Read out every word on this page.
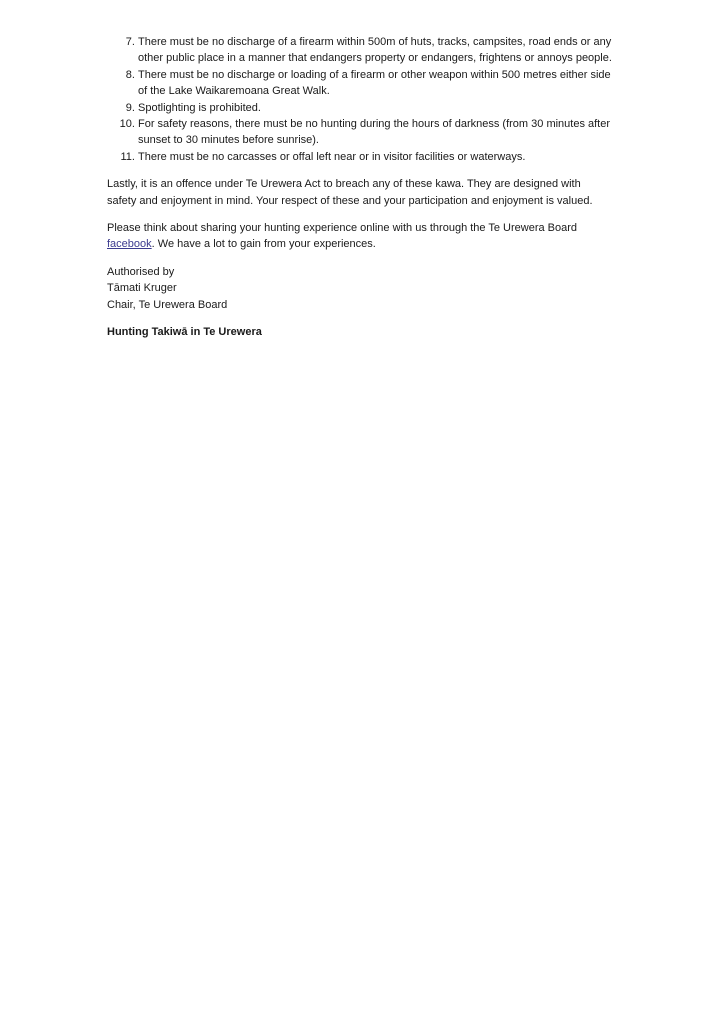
7. There must be no discharge of a firearm within 500m of huts, tracks, campsites, road ends or any other public place in a manner that endangers property or endangers, frightens or annoys people.
8. There must be no discharge or loading of a firearm or other weapon within 500 metres either side of the Lake Waikaremoana Great Walk.
9. Spotlighting is prohibited.
10. For safety reasons, there must be no hunting during the hours of darkness (from 30 minutes after sunset to 30 minutes before sunrise).
11. There must be no carcasses or offal left near or in visitor facilities or waterways.

Lastly, it is an offence under Te Urewera Act to breach any of these kawa. They are designed with safety and enjoyment in mind. Your respect of these and your participation and enjoyment is valued.

Please think about sharing your hunting experience online with us through the Te Urewera Board facebook. We have a lot to gain from your experiences.

Authorised by
Tāmati Kruger
Chair, Te Urewera Board

Hunting Takiwā in Te Urewera
